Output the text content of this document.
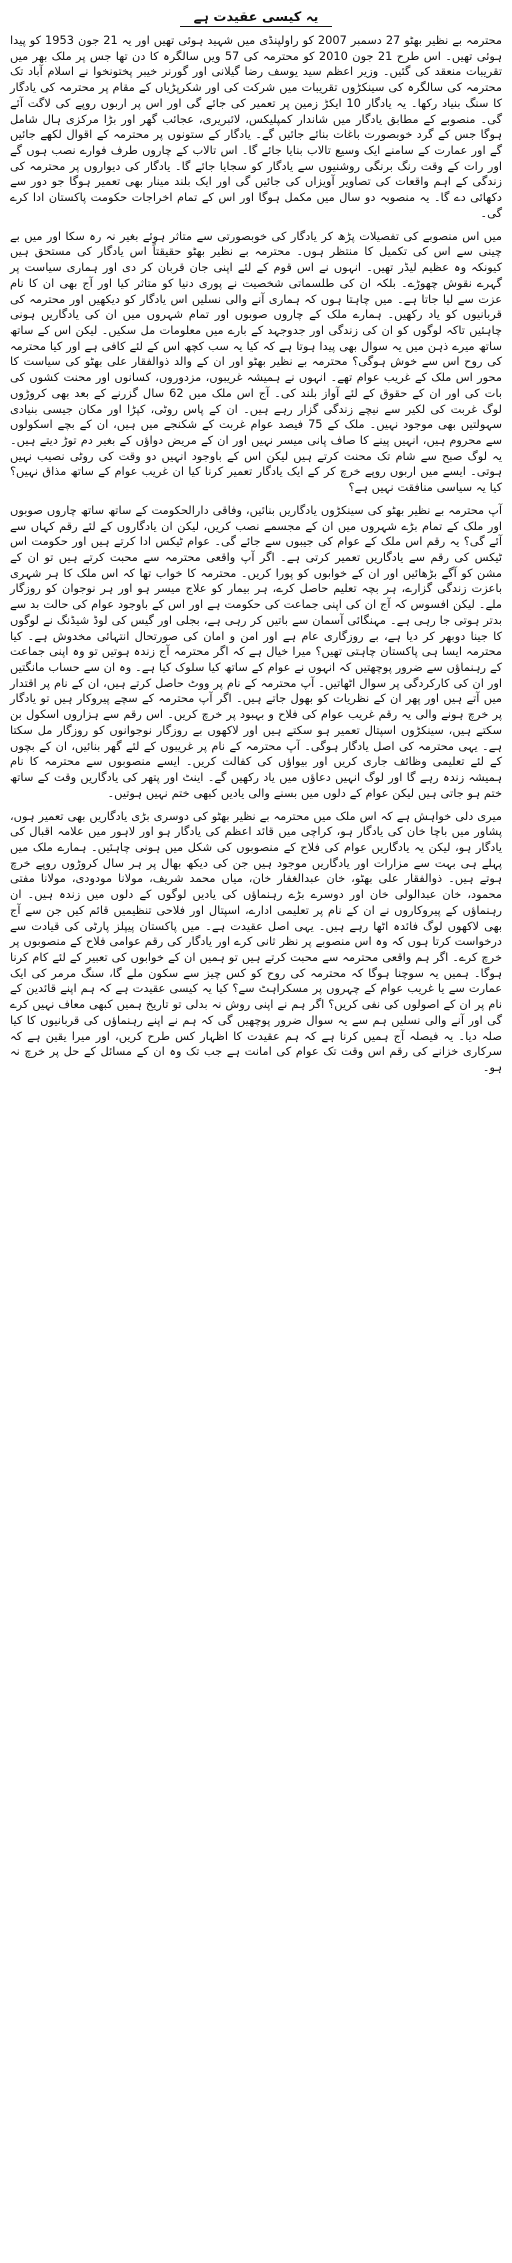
یہ کیسی عقیدت ہے

محترمہ بے نظیر بھٹو 27 دسمبر 2007 کو راولپنڈی میں شہید ہوئی تھیں اور یہ 21 جون 1953 کو پیدا ہوئی تھیں۔ اس طرح 21 جون 2010 کو محترمہ کی 57 ویں سالگرہ کا دن تھا جس پر ملک بھر میں تقریبات منعقد کی گئیں۔ وزیر اعظم سید یوسف رضا گیلانی اور گورنر خیبر پختونخوا نے اسلام آباد تک محترمہ کی سالگرہ کی سینکڑوں تقریبات میں شرکت کی اور شکرپڑیاں کے مقام پر محترمہ کی یادگار کا سنگ بنیاد رکھا۔ یہ یادگار 10 ایکڑ زمین پر تعمیر کی جائے گی اور اس پر اربوں روپے کی لاگت آئے گی۔ منصوبے کے مطابق یادگار میں شاندار کمپلیکس، لائبریری، عجائب گھر اور بڑا مرکزی ہال شامل ہوگا جس کے گرد خوبصورت باغات بنائے جائیں گے۔ یادگار کے ستونوں پر محترمہ کے اقوال لکھے جائیں گے اور عمارت کے سامنے ایک وسیع تالاب بنایا جائے گا۔ اس تالاب کے چاروں طرف فوارے نصب ہوں گے اور رات کے وقت رنگ برنگی روشنیوں سے یادگار کو سجایا جائے گا۔ یادگار کی دیواروں پر محترمہ کی زندگی کے اہم واقعات کی تصاویر آویزاں کی جائیں گی اور ایک بلند مینار بھی تعمیر ہوگا جو دور سے دکھائی دے گا۔ یہ منصوبہ دو سال میں مکمل ہوگا اور اس کے تمام اخراجات حکومت پاکستان ادا کرے گی۔

میں اس منصوبے کی تفصیلات پڑھ کر یادگار کی خوبصورتی سے متاثر ہوئے بغیر نہ رہ سکا اور میں بے چینی سے اس کی تکمیل کا منتظر ہوں۔ محترمہ بے نظیر بھٹو حقیقتاً اس یادگار کی مستحق ہیں کیونکہ وہ عظیم لیڈر تھیں۔ انہوں نے اس قوم کے لئے اپنی جان قربان کر دی اور ہماری سیاست پر گہرے نقوش چھوڑے۔ بلکہ ان کی طلسماتی شخصیت نے پوری دنیا کو متاثر کیا اور آج بھی ان کا نام عزت سے لیا جاتا ہے۔ میں چاہتا ہوں کہ ہماری آنے والی نسلیں اس یادگار کو دیکھیں اور محترمہ کی قربانیوں کو یاد رکھیں۔ ہمارے ملک کے چاروں صوبوں اور تمام شہروں میں ان کی یادگاریں ہونی چاہئیں تاکہ لوگوں کو ان کی زندگی اور جدوجہد کے بارے میں معلومات مل سکیں۔ لیکن اس کے ساتھ ساتھ میرے ذہن میں یہ سوال بھی پیدا ہوتا ہے کہ کیا یہ سب کچھ اس کے لئے کافی ہے اور کیا محترمہ کی روح اس سے خوش ہوگی؟ محترمہ بے نظیر بھٹو اور ان کے والد ذوالفقار علی بھٹو کی سیاست کا محور اس ملک کے غریب عوام تھے۔ انہوں نے ہمیشہ غریبوں، مزدوروں، کسانوں اور محنت کشوں کی بات کی اور ان کے حقوق کے لئے آواز بلند کی۔ آج اس ملک میں 62 سال گزرنے کے بعد بھی کروڑوں لوگ غربت کی لکیر سے نیچے زندگی گزار رہے ہیں۔ ان کے پاس روٹی، کپڑا اور مکان جیسی بنیادی سہولتیں بھی موجود نہیں۔ ملک کے 75 فیصد عوام غربت کے شکنجے میں ہیں، ان کے بچے اسکولوں سے محروم ہیں، انہیں پینے کا صاف پانی میسر نہیں اور ان کے مریض دواؤں کے بغیر دم توڑ دیتے ہیں۔ یہ لوگ صبح سے شام تک محنت کرتے ہیں لیکن اس کے باوجود انہیں دو وقت کی روٹی نصیب نہیں ہوتی۔ ایسے میں اربوں روپے خرچ کر کے ایک یادگار تعمیر کرنا کیا ان غریب عوام کے ساتھ مذاق نہیں؟ کیا یہ سیاسی منافقت نہیں ہے؟

آپ محترمہ بے نظیر بھٹو کی سینکڑوں یادگاریں بنائیں، وفاقی دارالحکومت کے ساتھ ساتھ چاروں صوبوں اور ملک کے تمام بڑے شہروں میں ان کے مجسمے نصب کریں، لیکن ان یادگاروں کے لئے رقم کہاں سے آئے گی؟ یہ رقم اس ملک کے عوام کی جیبوں سے جائے گی۔ عوام ٹیکس ادا کرتے ہیں اور حکومت اس ٹیکس کی رقم سے یادگاریں تعمیر کرتی ہے۔ اگر آپ واقعی محترمہ سے محبت کرتے ہیں تو ان کے مشن کو آگے بڑھائیں اور ان کے خوابوں کو پورا کریں۔ محترمہ کا خواب تھا کہ اس ملک کا ہر شہری باعزت زندگی گزارے، ہر بچہ تعلیم حاصل کرے، ہر بیمار کو علاج میسر ہو اور ہر نوجوان کو روزگار ملے۔ لیکن افسوس کہ آج ان کی اپنی جماعت کی حکومت ہے اور اس کے باوجود عوام کی حالت بد سے بدتر ہوتی جا رہی ہے۔ مہنگائی آسمان سے باتیں کر رہی ہے، بجلی اور گیس کی لوڈ شیڈنگ نے لوگوں کا جینا دوبھر کر دیا ہے، بے روزگاری عام ہے اور امن و امان کی صورتحال انتہائی مخدوش ہے۔ کیا محترمہ ایسا ہی پاکستان چاہتی تھیں؟ میرا خیال ہے کہ اگر محترمہ آج زندہ ہوتیں تو وہ اپنی جماعت کے رہنماؤں سے ضرور پوچھتیں کہ انہوں نے عوام کے ساتھ کیا سلوک کیا ہے۔ وہ ان سے حساب مانگتیں اور ان کی کارکردگی پر سوال اٹھاتیں۔ آپ محترمہ کے نام پر ووٹ حاصل کرتے ہیں، ان کے نام پر اقتدار میں آتے ہیں اور پھر ان کے نظریات کو بھول جاتے ہیں۔ اگر آپ محترمہ کے سچے پیروکار ہیں تو یادگار پر خرچ ہونے والی یہ رقم غریب عوام کی فلاح و بہبود پر خرچ کریں۔ اس رقم سے ہزاروں اسکول بن سکتے ہیں، سینکڑوں اسپتال تعمیر ہو سکتے ہیں اور لاکھوں بے روزگار نوجوانوں کو روزگار مل سکتا ہے۔ یہی محترمہ کی اصل یادگار ہوگی۔ آپ محترمہ کے نام پر غریبوں کے لئے گھر بنائیں، ان کے بچوں کے لئے تعلیمی وظائف جاری کریں اور بیواؤں کی کفالت کریں۔ ایسے منصوبوں سے محترمہ کا نام ہمیشہ زندہ رہے گا اور لوگ انہیں دعاؤں میں یاد رکھیں گے۔ اینٹ اور پتھر کی یادگاریں وقت کے ساتھ ختم ہو جاتی ہیں لیکن عوام کے دلوں میں بسنے والی یادیں کبھی ختم نہیں ہوتیں۔

میری دلی خواہش ہے کہ اس ملک میں محترمہ بے نظیر بھٹو کی دوسری بڑی یادگاریں بھی تعمیر ہوں، پشاور میں باچا خان کی یادگار ہو، کراچی میں قائد اعظم کی یادگار ہو اور لاہور میں علامہ اقبال کی یادگار ہو، لیکن یہ یادگاریں عوام کی فلاح کے منصوبوں کی شکل میں ہونی چاہئیں۔ ہمارے ملک میں پہلے ہی بہت سے مزارات اور یادگاریں موجود ہیں جن کی دیکھ بھال پر ہر سال کروڑوں روپے خرچ ہوتے ہیں۔ ذوالفقار علی بھٹو، خان عبدالغفار خان، میاں محمد شریف، مولانا مودودی، مولانا مفتی محمود، خان عبدالولی خان اور دوسرے بڑے رہنماؤں کی یادیں لوگوں کے دلوں میں زندہ ہیں۔ ان رہنماؤں کے پیروکاروں نے ان کے نام پر تعلیمی ادارے، اسپتال اور فلاحی تنظیمیں قائم کیں جن سے آج بھی لاکھوں لوگ فائدہ اٹھا رہے ہیں۔ یہی اصل عقیدت ہے۔ میں پاکستان پیپلز پارٹی کی قیادت سے درخواست کرتا ہوں کہ وہ اس منصوبے پر نظر ثانی کرے اور یادگار کی رقم عوامی فلاح کے منصوبوں پر خرچ کرے۔ اگر ہم واقعی محترمہ سے محبت کرتے ہیں تو ہمیں ان کے خوابوں کی تعبیر کے لئے کام کرنا ہوگا۔ ہمیں یہ سوچنا ہوگا کہ محترمہ کی روح کو کس چیز سے سکون ملے گا، سنگ مرمر کی ایک عمارت سے یا غریب عوام کے چہروں پر مسکراہٹ سے؟ کیا یہ کیسی عقیدت ہے کہ ہم اپنے قائدین کے نام پر ان کے اصولوں کی نفی کریں؟ اگر ہم نے اپنی روش نہ بدلی تو تاریخ ہمیں کبھی معاف نہیں کرے گی اور آنے والی نسلیں ہم سے یہ سوال ضرور پوچھیں گی کہ ہم نے اپنے رہنماؤں کی قربانیوں کا کیا صلہ دیا۔ یہ فیصلہ آج ہمیں کرنا ہے کہ ہم عقیدت کا اظہار کس طرح کریں، اور میرا یقین ہے کہ سرکاری خزانے کی رقم اس وقت تک عوام کی امانت ہے جب تک وہ ان کے مسائل کے حل پر خرچ نہ ہو۔
